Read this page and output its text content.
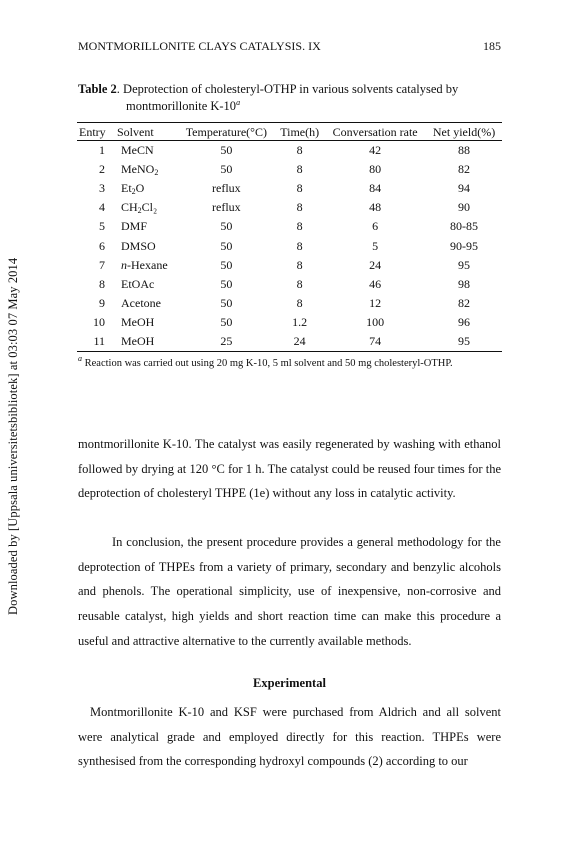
Downloaded by [Uppsala universitetsbibliotek] at 03:03 07 May 2014
MONTMORILLONITE CLAYS CATALYSIS. IX	185
Table 2. Deprotection of cholesteryl-OTHP in various solvents catalysed by
montmorillonite K-10$^a$
Entry	Solvent	Temperature(°C)	Time(h)	Conversation rate	Net yield(%)
1	MeCN	50	8	42	88
2	MeNO$_2$	50	8	80	82
3	$Et_2O$	reflux	8	84	94
4	$CH_2Cl_2$	reflux	8	48	90
5	DMF	50	8	6	80-85
6	DMSO	50	8	5	90-95
7	n-Hexane	50	8	24	95
8	EtOAc	50	8	46	98
9	Acetone	50	8	12	82
10	MeOH	50	1.2	100	96
11	MeOH	25	24	74	95
$^a$ Reaction was carried out using 20 mg K-10, 5 ml solvent and 50 mg cholesteryl-OTHP.

montmorillonite K-10. The catalyst was easily regenerated by washing with ethanol followed by drying at 120 °C for 1 h. The catalyst could be reused four times for the deprotection of cholesteryl THPE (1e) without any loss in catalytic activity.

In conclusion, the present procedure provides a general methodology for the deprotection of THPEs from a variety of primary, secondary and benzylic alcohols and phenols. The operational simplicity, use of inexpensive, non-corrosive and reusable catalyst, high yields and short reaction time can make this procedure a useful and attractive alternative to the currently available methods.

Experimental

Montmorillonite K-10 and KSF were purchased from Aldrich and all solvent were analytical grade and employed directly for this reaction. THPEs were synthesised from the corresponding hydroxyl compounds (2) according to our
